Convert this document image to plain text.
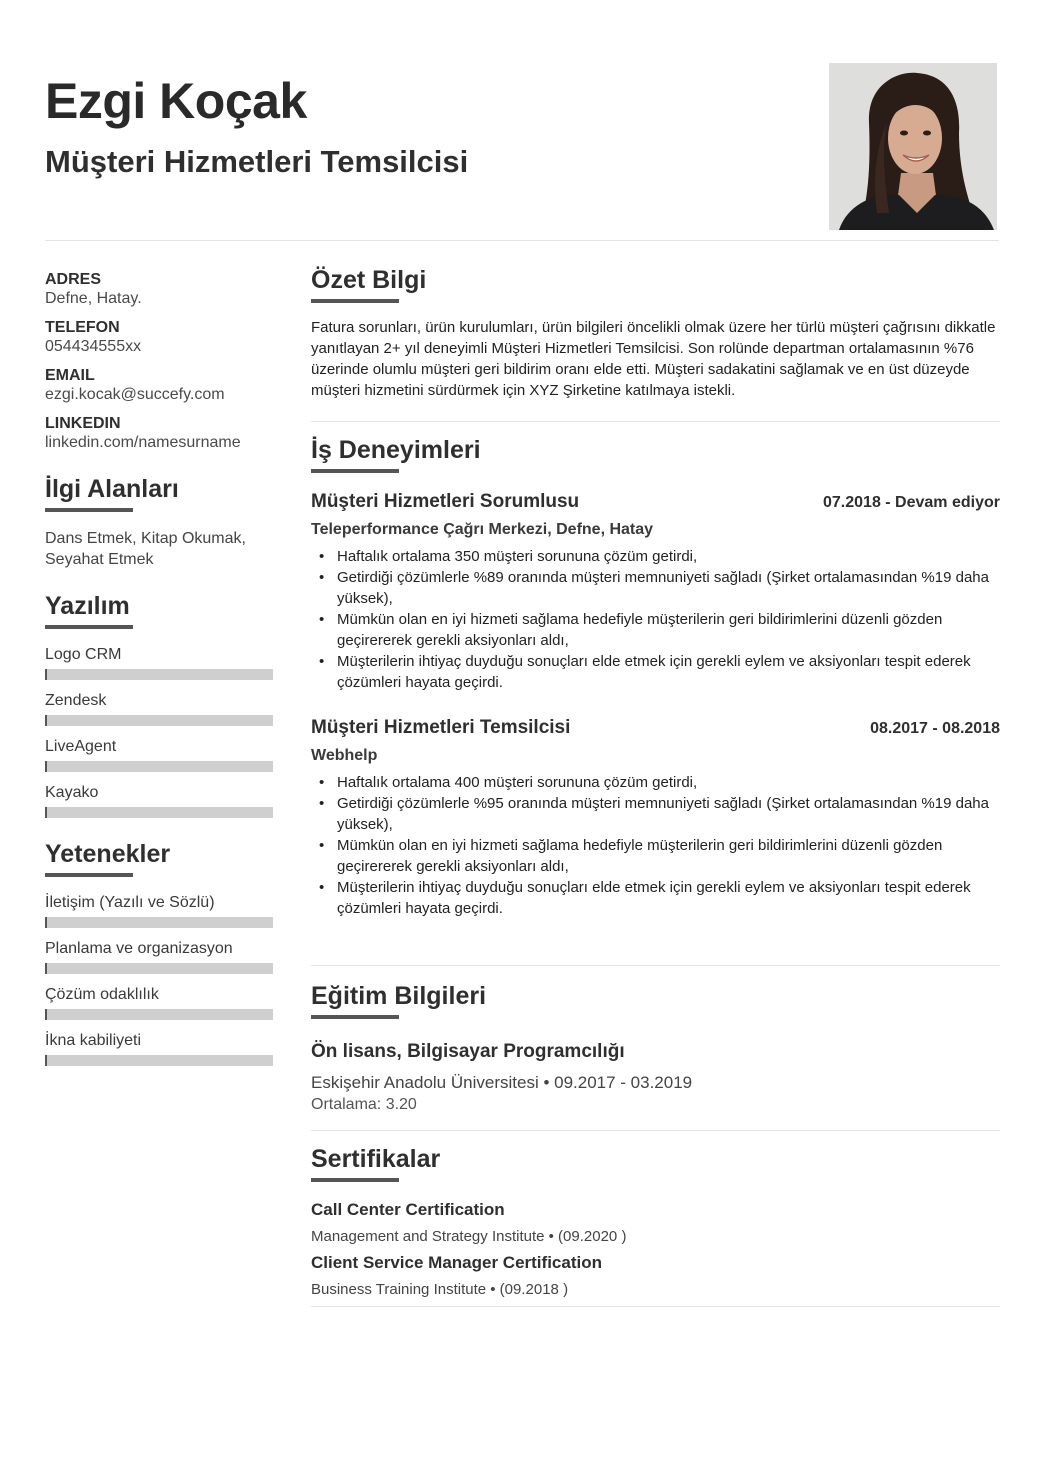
Ezgi Koçak
Müşteri Hizmetleri Temsilcisi
ADRES
Defne, Hatay.
TELEFON
054434555xx
EMAIL
ezgi.kocak@succefy.com
LINKEDIN
linkedin.com/namesurname
İlgi Alanları
Dans Etmek, Kitap Okumak, Seyahat Etmek
Yazılım
Logo CRM
Zendesk
LiveAgent
Kayako
Yetenekler
İletişim (Yazılı ve Sözlü)
Planlama ve organizasyon
Çözüm odaklılık
İkna kabiliyeti
Özet Bilgi
Fatura sorunları, ürün kurulumları, ürün bilgileri öncelikli olmak üzere her türlü müşteri çağrısını dikkatle yanıtlayan 2+ yıl deneyimli Müşteri Hizmetleri Temsilcisi. Son rolünde departman ortalamasının %76 üzerinde olumlu müşteri geri bildirim oranı elde etti. Müşteri sadakatini sağlamak ve en üst düzeyde müşteri hizmetini sürdürmek için XYZ Şirketine katılmaya istekli.
İş Deneyimleri
Müşteri Hizmetleri Sorumlusu	07.2018 - Devam ediyor
Teleperformance Çağrı Merkezi, Defne, Hatay
• Haftalık ortalama 350 müşteri sorununa çözüm getirdi,
• Getirdiği çözümlerle %89 oranında müşteri memnuniyeti sağladı (Şirket ortalamasından %19 daha yüksek),
• Mümkün olan en iyi hizmeti sağlama hedefiyle müşterilerin geri bildirimlerini düzenli gözden geçirererek gerekli aksiyonları aldı,
• Müşterilerin ihtiyaç duyduğu sonuçları elde etmek için gerekli eylem ve aksiyonları tespit ederek çözümleri hayata geçirdi.
Müşteri Hizmetleri Temsilcisi	08.2017 - 08.2018
Webhelp
• Haftalık ortalama 400 müşteri sorununa çözüm getirdi,
• Getirdiği çözümlerle %95 oranında müşteri memnuniyeti sağladı (Şirket ortalamasından %19 daha yüksek),
• Mümkün olan en iyi hizmeti sağlama hedefiyle müşterilerin geri bildirimlerini düzenli gözden geçirererek gerekli aksiyonları aldı,
• Müşterilerin ihtiyaç duyduğu sonuçları elde etmek için gerekli eylem ve aksiyonları tespit ederek çözümleri hayata geçirdi.
Eğitim Bilgileri
Ön lisans, Bilgisayar Programcılığı
Eskişehir Anadolu Üniversitesi • 09.2017 - 03.2019
Ortalama: 3.20
Sertifikalar
Call Center Certification
Management and Strategy Institute • (09.2020 )
Client Service Manager Certification
Business Training Institute • (09.2018 )
